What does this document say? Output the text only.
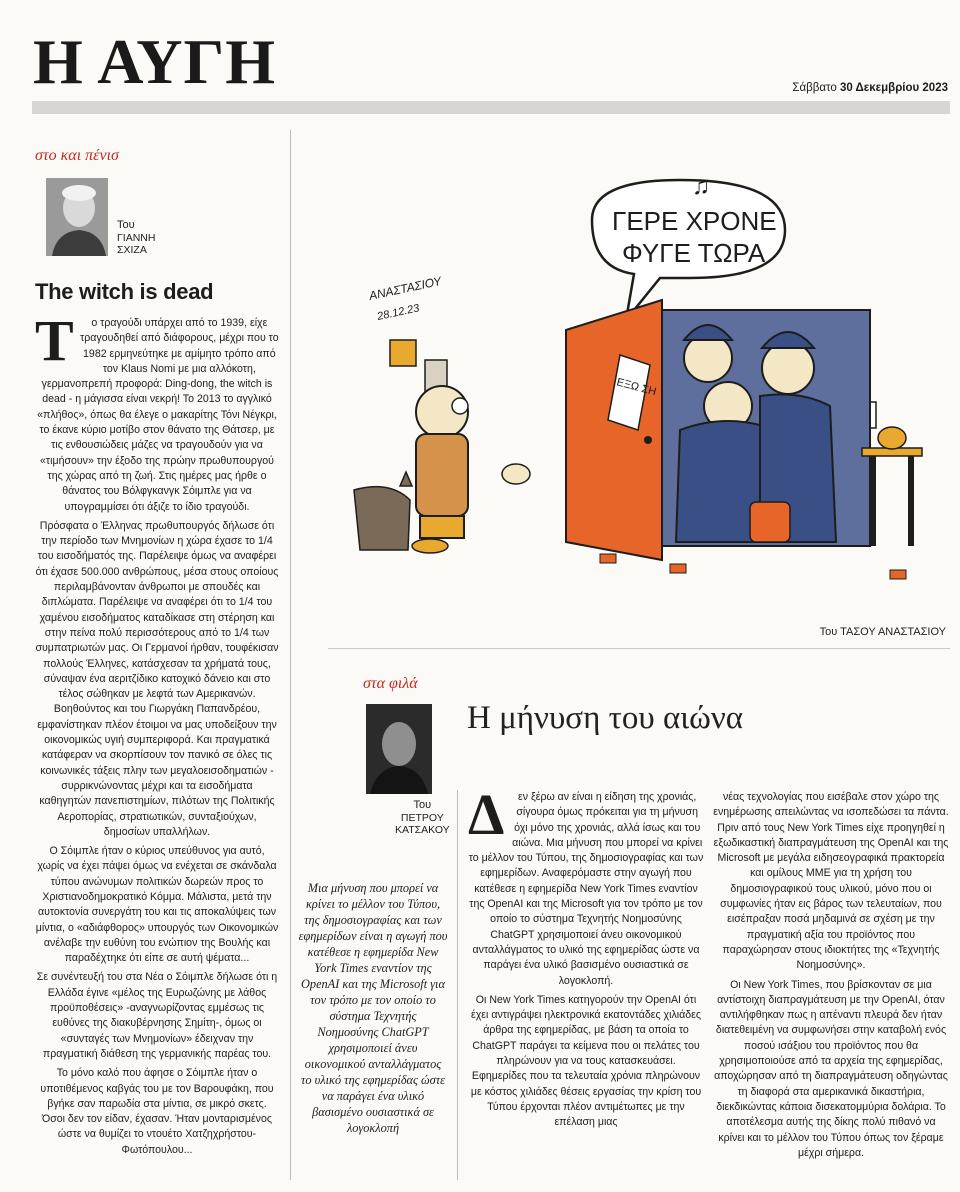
Η ΑΥΓΗ	Σάββατο 30 Δεκεμβρίου 2023
στο και πένισ
Του
ΓΙΑΝΝΗ
ΣΧΙΖΑ
The witch is dead

Τ ο τραγούδι υπάρχει από το 1939, είχε τραγουδηθεί από διάφορους, μέχρι που το 1982 ερμηνεύτηκε με αμίμητο τρόπο από τον Klaus Nomi με μια αλλόκοτη, γερμανοπρεπή προφορά: Ding-dong, the witch is dead - η μάγισσα είναι νεκρή! Το 2013 το αγγλικό «πλήθος», όπως θα έλεγε ο μακαρίτης Τόνι Νέγκρι, το έκανε κύριο μοτίβο στον θάνατο της Θάτσερ, με τις ενθουσιώδεις μάζες να τραγουδούν για να «τιμήσουν» την έξοδο της πρώην πρωθυπουργού της χώρας από τη ζωή. Στις ημέρες μας ήρθε ο θάνατος του Βόλφγκανγκ Σόιμπλε για να υπογραμμίσει ότι άξιζε το ίδιο τραγούδι.

Πρόσφατα ο Έλληνας πρωθυπουργός δήλωσε ότι την περίοδο των Μνημονίων η χώρα έχασε το 1/4 του εισοδήματός της. Παρέλειψε όμως να αναφέρει ότι έχασε 500.000 ανθρώπους, μέσα στους οποίους περιλαμβάνονταν άνθρωποι με σπουδές και διπλώματα. Παρέλειψε να αναφέρει ότι το 1/4 του χαμένου εισοδήματος καταδίκασε στη στέρηση και στην πείνα πολύ περισσότερους από το 1/4 των συμπατριωτών μας. Οι Γερμανοί ήρθαν, τουφέκισαν πολλούς Έλληνες, κατάσχεσαν τα χρήματά τους, σύναψαν ένα αεριτζίδικο κατοχικό δάνειο και στο τέλος σώθηκαν με λεφτά των Αμερικανών. Βοηθούντος και του Γιωργάκη Παπανδρέου, εμφανίστηκαν πλέον έτοιμοι να μας υποδείξουν την οικονομικώς υγιή συμπεριφορά. Και πραγματικά κατάφεραν να σκορπίσουν τον πανικό σε όλες τις κοινωνικές τάξεις πλην των μεγαλοεισοδηματιών - συρρικνώνοντας μέχρι και τα εισοδήματα καθηγητών πανεπιστημίων, πιλότων της Πολιτικής Αεροπορίας, στρατιωτικών, συνταξιούχων, δημοσίων υπαλλήλων.

Ο Σόιμπλε ήταν ο κύριος υπεύθυνος για αυτό, χωρίς να έχει πάψει όμως να ενέχεται σε σκάνδαλα τύπου ανώνυμων πολιτικών δωρεών προς το Χριστιανοδημοκρατικό Κόμμα. Μάλιστα, μετά την αυτοκτονία συνεργάτη του και τις αποκαλύψεις των μίντια, ο «αδιάφθορος» υπουργός των Οικονομικών ανέλαβε την ευθύνη του ενώπιον της Βουλής και παραδέχτηκε ότι είπε σε αυτή ψέματα...

Σε συνέντευξή του στα Νέα ο Σόιμπλε δήλωσε ότι η Ελλάδα έγινε «μέλος της Ευρωζώνης με λάθος προϋποθέσεις» -αναγνωρίζοντας εμμέσως τις ευθύνες της διακυβέρνησης Σημίτη-, όμως οι «συνταγές των Μνημονίων» έδειχναν την πραγματική διάθεση της γερμανικής παρέας του.

Το μόνο καλό που άφησε ο Σόιμπλε ήταν ο υποτιθέμενος καβγάς του με τον Βαρουφάκη, που βγήκε σαν παρωδία στα μίντια, σε μικρό σκετς. Όσοι δεν τον είδαν, έχασαν. Ήταν μονταρισμένος ώστε να θυμίζει το ντουέτο Χατζηχρήστου-Φωτόπουλου...

ΓΕΡΕ ΧΡΟΝΕ
ΦΥΓΕ ΤΩΡΑ
♫
ΑΝΑΣΤΑΣΙΟΥ
28.12.23
ΕΞΩ ΣΗ
Του ΤΑΣΟΥ ΑΝΑΣΤΑΣΙΟΥ
στα φιλά
Του
ΠΕΤΡΟΥ
ΚΑΤΣΑΚΟΥ
Η μήνυση του αιώνα
Μια μήνυση που μπορεί να κρίνει το μέλλον του Τύπου, της δημοσιογραφίας και των εφημερίδων είναι η αγωγή που κατέθεσε η εφημερίδα New York Times εναντίον της OpenAI και της Microsoft για τον τρόπο με τον οποίο το σύστημα Τεχνητής Νοημοσύνης ChatGPT χρησιμοποιεί άνευ οικονομικού ανταλλάγματος το υλικό της εφημερίδας ώστε να παράγει ένα υλικό βασισμένο ουσιαστικά σε λογοκλοπή

Δ εν ξέρω αν είναι η είδηση της χρονιάς, σίγουρα όμως πρόκειται για τη μήνυση όχι μόνο της χρονιάς, αλλά ίσως και του αιώνα. Μια μήνυση που μπορεί να κρίνει το μέλλον του Τύπου, της δημοσιογραφίας και των εφημερίδων. Αναφερόμαστε στην αγωγή που κατέθεσε η εφημερίδα New York Times εναντίον της OpenAI και της Microsoft για τον τρόπο με τον οποίο το σύστημα Τεχνητής Νοημοσύνης ChatGPT χρησιμοποιεί άνευ οικονομικού ανταλλάγματος το υλικό της εφημερίδας ώστε να παράγει ένα υλικό βασισμένο ουσιαστικά σε λογοκλοπή.

Οι New York Times κατηγορούν την OpenAI ότι έχει αντιγράψει ηλεκτρονικά εκατοντάδες χιλιάδες άρθρα της εφημερίδας, με βάση τα οποία το ChatGPT παράγει τα κείμενα που οι πελάτες του πληρώνουν για να τους κατασκευάσει. Εφημερίδες που τα τελευταία χρόνια πληρώνουν με κόστος χιλιάδες θέσεις εργασίας την κρίση του Τύπου έρχονται πλέον αντιμέτωπες με την επέλαση μιας

νέας τεχνολογίας που εισέβαλε στον χώρο της ενημέρωσης απειλώντας να ισοπεδώσει τα πάντα. Πριν από τους New York Times είχε προηγηθεί η εξωδικαστική διαπραγμάτευση της OpenAI και της Microsoft με μεγάλα ειδησεογραφικά πρακτορεία και ομίλους ΜΜΕ για τη χρήση του δημοσιογραφικού τους υλικού, μόνο που οι συμφωνίες ήταν εις βάρος των τελευταίων, που εισέπραξαν ποσά μηδαμινά σε σχέση με την πραγματική αξία του προϊόντος που παραχώρησαν στους ιδιοκτήτες της «Τεχνητής Νοημοσύνης».

Οι New York Times, που βρίσκονταν σε μια αντίστοιχη διαπραγμάτευση με την OpenAI, όταν αντιλήφθηκαν πως η απέναντι πλευρά δεν ήταν διατεθειμένη να συμφωνήσει στην καταβολή ενός ποσού ισάξιου του προϊόντος που θα χρησιμοποιούσε από τα αρχεία της εφημερίδας, αποχώρησαν από τη διαπραγμάτευση οδηγώντας τη διαφορά στα αμερικανικά δικαστήρια, διεκδικώντας κάποια δισεκατομμύρια δολάρια. Το αποτέλεσμα αυτής της δίκης πολύ πιθανό να κρίνει και το μέλλον του Τύπου όπως τον ξέραμε μέχρι σήμερα.
